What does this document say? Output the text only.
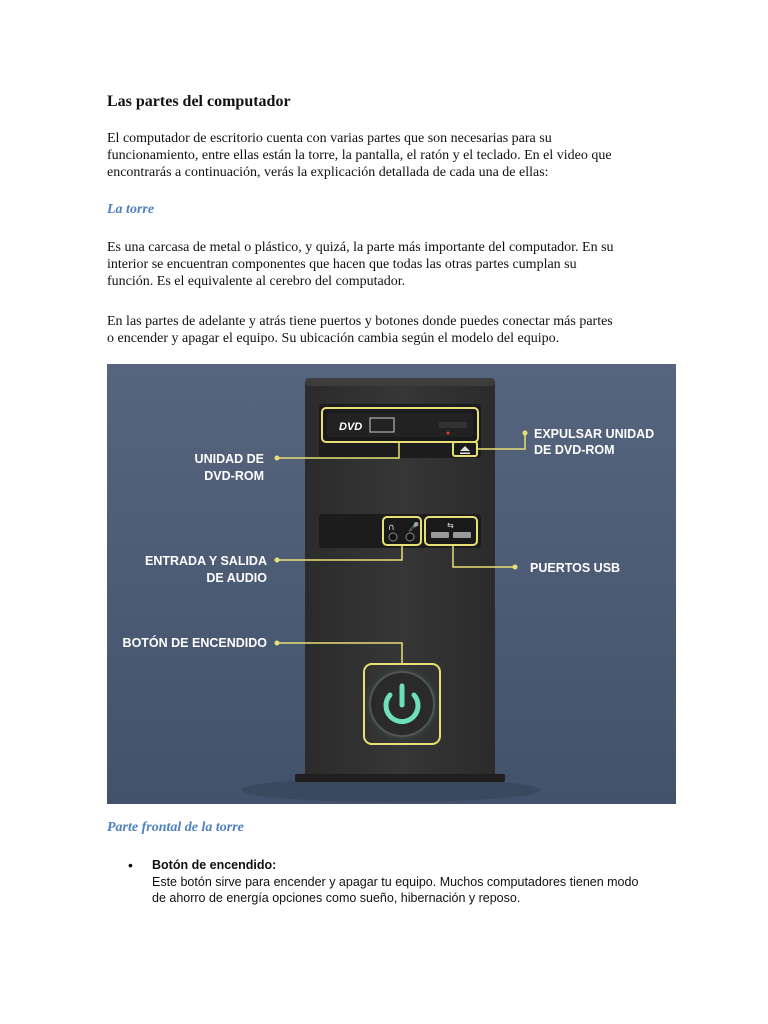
Las partes del computador
El computador de escritorio cuenta con varias partes que son necesarias para su
funcionamiento, entre ellas están la torre, la pantalla, el ratón y el teclado. En el video que
encontrarás a continuación, verás la explicación detallada de cada una de ellas:
La torre
Es una carcasa de metal o plástico, y quizá, la parte más importante del computador. En su
interior se encuentran componentes que hacen que todas las otras partes cumplan su
función. Es el equivalente al cerebro del computador.
En las partes de adelante y atrás tiene puertos y botones donde puedes conectar más partes
o encender y apagar el equipo. Su ubicación cambia según el modelo del equipo.
DVD
∩ 🎤	⇆
UNIDAD DE
DVD-ROM
EXPULSAR UNIDAD
DE DVD-ROM
ENTRADA Y SALIDA
DE AUDIO
PUERTOS USB
BOTÓN DE ENCENDIDO
Parte frontal de la torre
• Botón de encendido:
Este botón sirve para encender y apagar tu equipo. Muchos computadores tienen modo
de ahorro de energía opciones como sueño, hibernación y reposo.
